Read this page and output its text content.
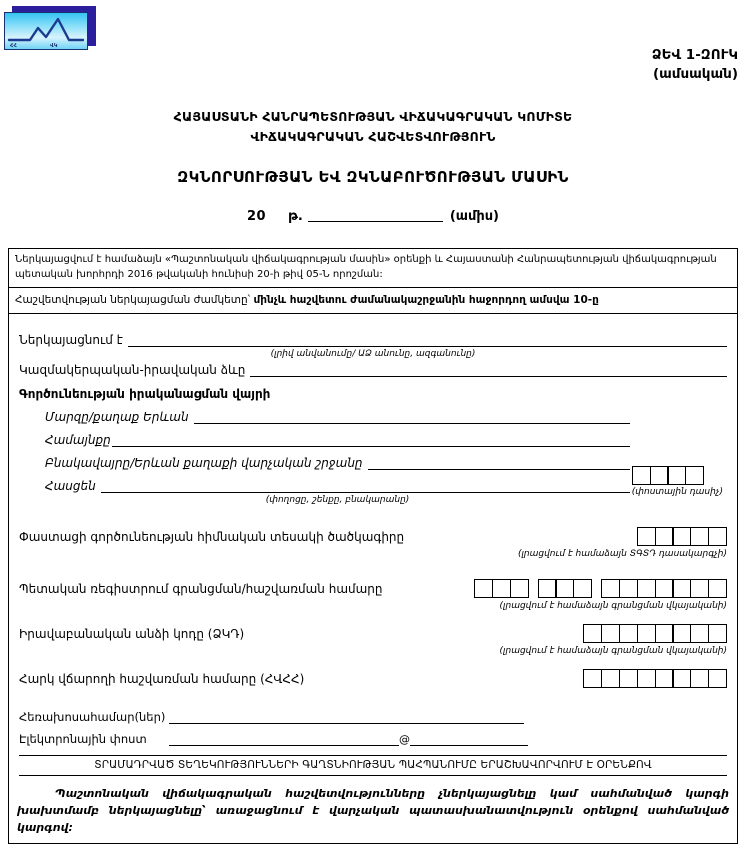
ՀՀ	ՎԿ
ՁԵՎ 1-ԶՈՒԿ
(ամսական)
ՀԱՅԱՍՏԱՆԻ ՀԱՆՐԱՊԵՏՈՒԹՅԱՆ ՎԻՃԱԿԱԳՐԱԿԱՆ ԿՈՄԻՏԵ
ՎԻՃԱԿԱԳՐԱԿԱՆ ՀԱՇՎԵՏՎՈՒԹՅՈՒՆ
ԶԿՆՈՐՍՈՒԹՅԱՆ ԵՎ ԶԿՆԱԲՈՒԾՈՒԹՅԱՆ ՄԱՍԻՆ
20 թ.	(ամիս)
Ներկայացվում է համաձայն «Պաշտոնական վիճակագրության մասին» օրենքի և Հայաստանի Հանրապետության վիճակագրության պետական խորհրդի 2016 թվականի հունիսի 20-ի թիվ 05-Ն որոշման:
Հաշվետվության ներկայացման ժամկետը՝ մինչև հաշվետու ժամանակաշրջանին հաջորդող ամսվա 10-ը
Ներկայացնում է
(լրիվ անվանումը/ ԱՁ անունը, ազգանունը)
Կազմակերպական-իրավական ձևը
Գործունեության իրականացման վայրի
Մարզը/քաղաք Երևան
Համայնքը
Բնակավայրը/Երևան քաղաքի վարչական շրջանը
Հասցեն
(փողոցը, շենքը, բնակարանը)
(փոստային դասիչ)
Փաստացի գործունեության հիմնական տեսակի ծածկագիրը
(լրացվում է համաձայն ՏԳՏԴ դասակարգչի)
Պետական ռեգիստրում գրանցման/հաշվառման համարը
(լրացվում է համաձայն գրանցման վկայականի)
Իրավաբանական անձի կոդը (ՁԿԴ)
(լրացվում է համաձայն գրանցման վկայականի)
Հարկ վճարողի հաշվառման համարը (ՀՎՀՀ)
Հեռախոսահամար(ներ)
Էլեկտրոնային փոստ	@
ՏՐԱՄԱԴՐՎԱԾ ՏԵՂԵԿՈՒԹՅՈՒՆՆԵՐԻ ԳԱՂՏՆԻՈՒԹՅԱՆ ՊԱՀՊԱՆՈՒՄԸ ԵՐԱՇԽԱՎՈՐՎՈՒՄ Է ՕՐԵՆՔՈՎ
Պաշտոնական վիճակագրական հաշվետվությունները չներկայացնելը կամ սահմանված կարգի խախտմամբ ներկայացնելը՝ առաջացնում է վարչական պատասխանատվություն օրենքով սահմանված կարգով:
